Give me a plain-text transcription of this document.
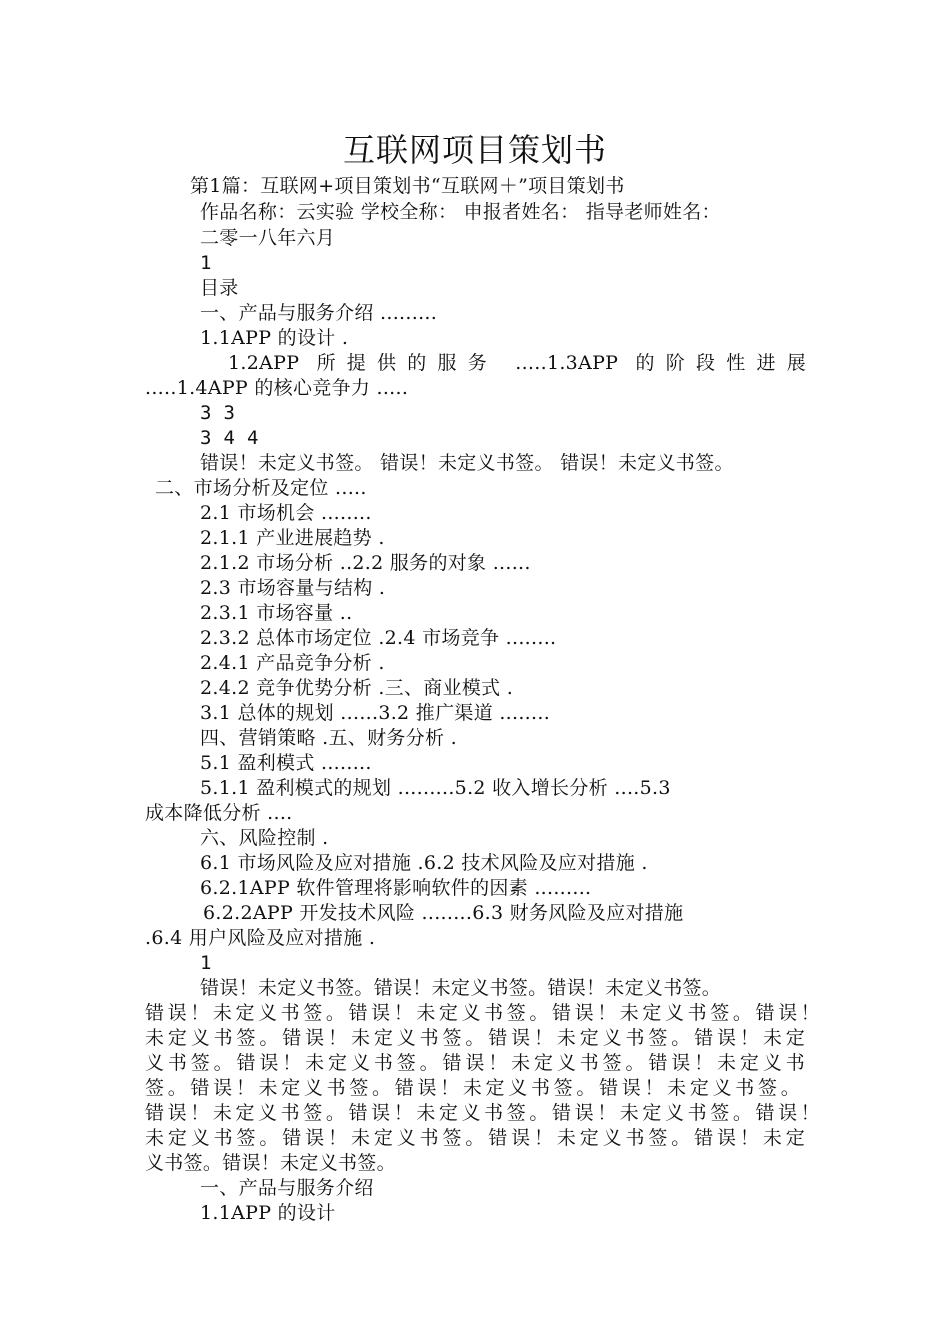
互联网项目策划书
第1篇：互联网+项目策划书“互联网＋”项目策划书
作品名称：云实验 学校全称： 申报者姓名： 指导老师姓名：
二零一八年六月
1
目录
一、产品与服务介绍 .........
1.1APP 的设计 .
1.2APP 所提供的服务 .....1.3APP 的阶段性进展
.....1.4APP 的核心竞争力 .....
3 3
3 4 4
错误！未定义书签。 错误！未定义书签。 错误！未定义书签。
二、市场分析及定位 .....
2.1 市场机会 ........
2.1.1 产业进展趋势 .
2.1.2 市场分析 ..2.2 服务的对象 ......
2.3 市场容量与结构 .
2.3.1 市场容量 ..
2.3.2 总体市场定位 .2.4 市场竞争 ........
2.4.1 产品竞争分析 .
2.4.2 竞争优势分析 .三、商业模式 .
3.1 总体的规划 ......3.2 推广渠道 ........
四、营销策略 .五、财务分析 .
5.1 盈利模式 ........
5.1.1 盈利模式的规划 .........5.2 收入增长分析 ....5.3
成本降低分析 ....
六、风险控制 .
6.1 市场风险及应对措施 .6.2 技术风险及应对措施 .
6.2.1APP 软件管理将影响软件的因素 .........
6.2.2APP 开发技术风险 ........6.3 财务风险及应对措施
.6.4 用户风险及应对措施 .
1
错误！未定义书签。错误！未定义书签。错误！未定义书签。
错误！未定义书签。错误！未定义书签。错误！未定义书签。错误！
未定义书签。错误！未定义书签。错误！未定义书签。错误！未定
义书签。错误！未定义书签。错误！未定义书签。错误！未定义书
签。错误！未定义书签。错误！未定义书签。错误！未定义书签。
错误！未定义书签。错误！未定义书签。错误！未定义书签。错误！
未定义书签。错误！未定义书签。错误！未定义书签。错误！未定
义书签。错误！未定义书签。
一、产品与服务介绍
1.1APP 的设计
